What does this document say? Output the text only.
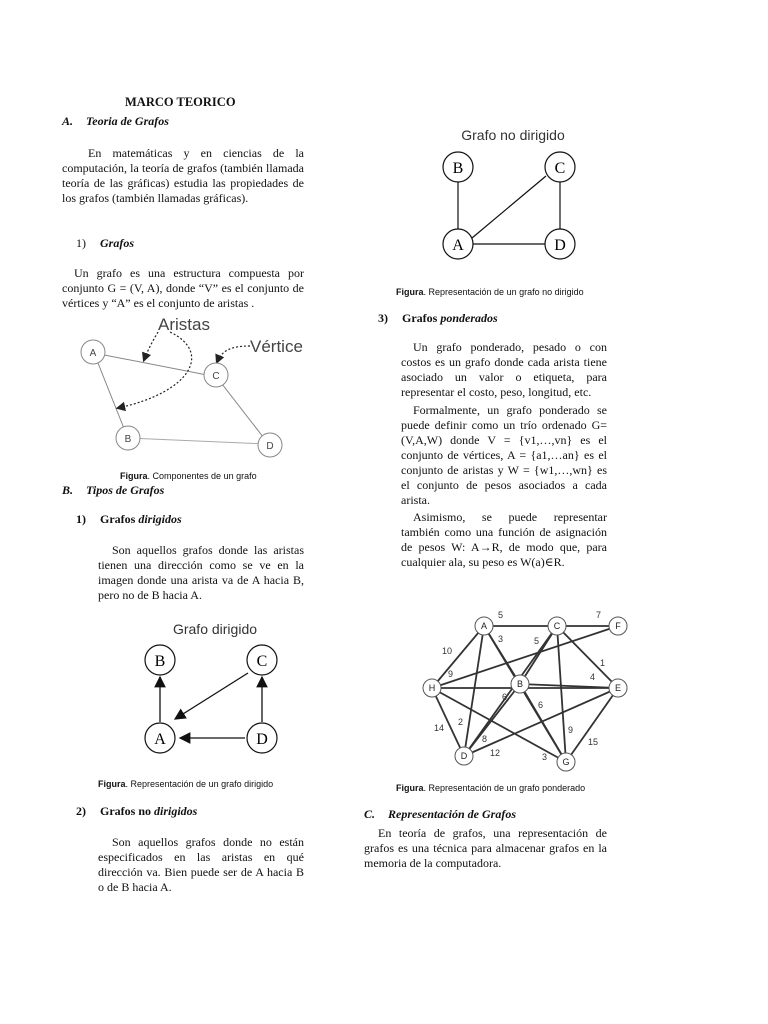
MARCO TEORICO
A. Teoria de Grafos
En matemáticas y en ciencias de la computación, la teoría de grafos (también llamada teoría de las gráficas) estudia las propiedades de los grafos (también llamadas gráficas).
1) Grafos
Un grafo es una estructura compuesta por conjunto G = (V, A), donde “V” es el conjunto de vértices y “A” es el conjunto de aristas .
A
C
B
D
Aristas
Vértice
Figura. Componentes de un grafo
B. Tipos de Grafos
1) Grafos dirigidos
Son aquellos grafos donde las aristas tienen una dirección como se ve en la imagen donde una arista va de A hacia B, pero no de B hacia A.
Grafo dirigido
B	C
A	D
Figura. Representación de un grafo dirigido
2) Grafos no dirigidos
Son aquellos grafos donde no están especificados en las aristas en qué dirección va. Bien puede ser de A hacia B o de B hacia A.
Grafo no dirigido
B	C
A	D
Figura. Representación de un grafo no dirigido
3) Grafos ponderados
Un grafo ponderado, pesado o con costos es un grafo donde cada arista tiene asociado un valor o etiqueta, para representar el costo, peso, longitud, etc.
Formalmente, un grafo ponderado se puede definir como un trío ordenado G=(V,A,W) donde V = {v1,…,vn} es el conjunto de vértices, A = {a1,…an} es el conjunto de aristas y W = {w1,…,wn} es el conjunto de pesos asociados a cada arista.
Asimismo, se puede representar también como una función de asignación de pesos W: A→R, de modo que, para cualquier ala, su peso es W(a)∈R.
A	C	F
H	B	E
D
G
5	7
10
3	5
1
9
6
4
6
14
2
8
12
9
3
15
Figura. Representación de un grafo ponderado
C. Representación de Grafos
En teoría de grafos, una representación de grafos es una técnica para almacenar grafos en la memoria de la computadora.
